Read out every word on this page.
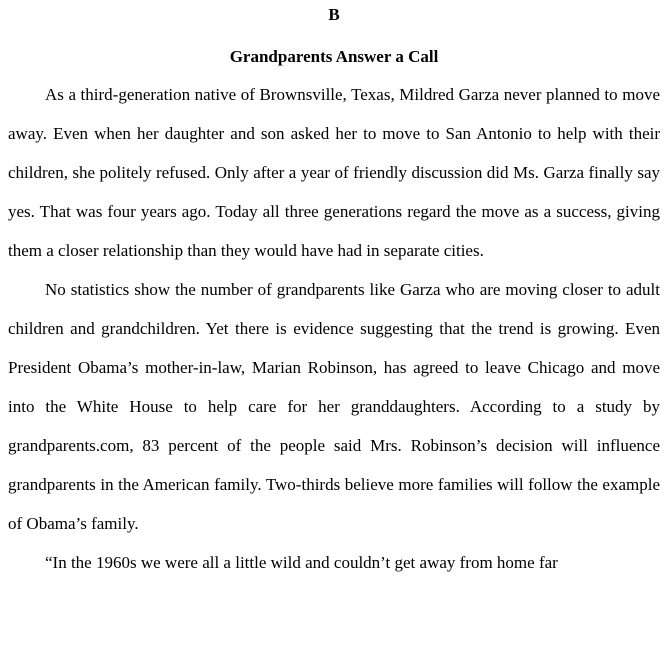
B
Grandparents Answer a Call

As a third-generation native of Brownsville, Texas, Mildred Garza never planned to move away. Even when her daughter and son asked her to move to San Antonio to help with their children, she politely refused. Only after a year of friendly discussion did Ms. Garza finally say yes. That was four years ago. Today all three generations regard the move as a success, giving them a closer relationship than they would have had in separate cities.

No statistics show the number of grandparents like Garza who are moving closer to adult children and grandchildren. Yet there is evidence suggesting that the trend is growing. Even President Obama’s mother-in-law, Marian Robinson, has agreed to leave Chicago and move into the White House to help care for her granddaughters. According to a study by grandparents.com, 83 percent of the people said Mrs. Robinson’s decision will influence grandparents in the American family. Two-thirds believe more families will follow the example of Obama’s family.

“In the 1960s we were all a little wild and couldn’t get away from home far
